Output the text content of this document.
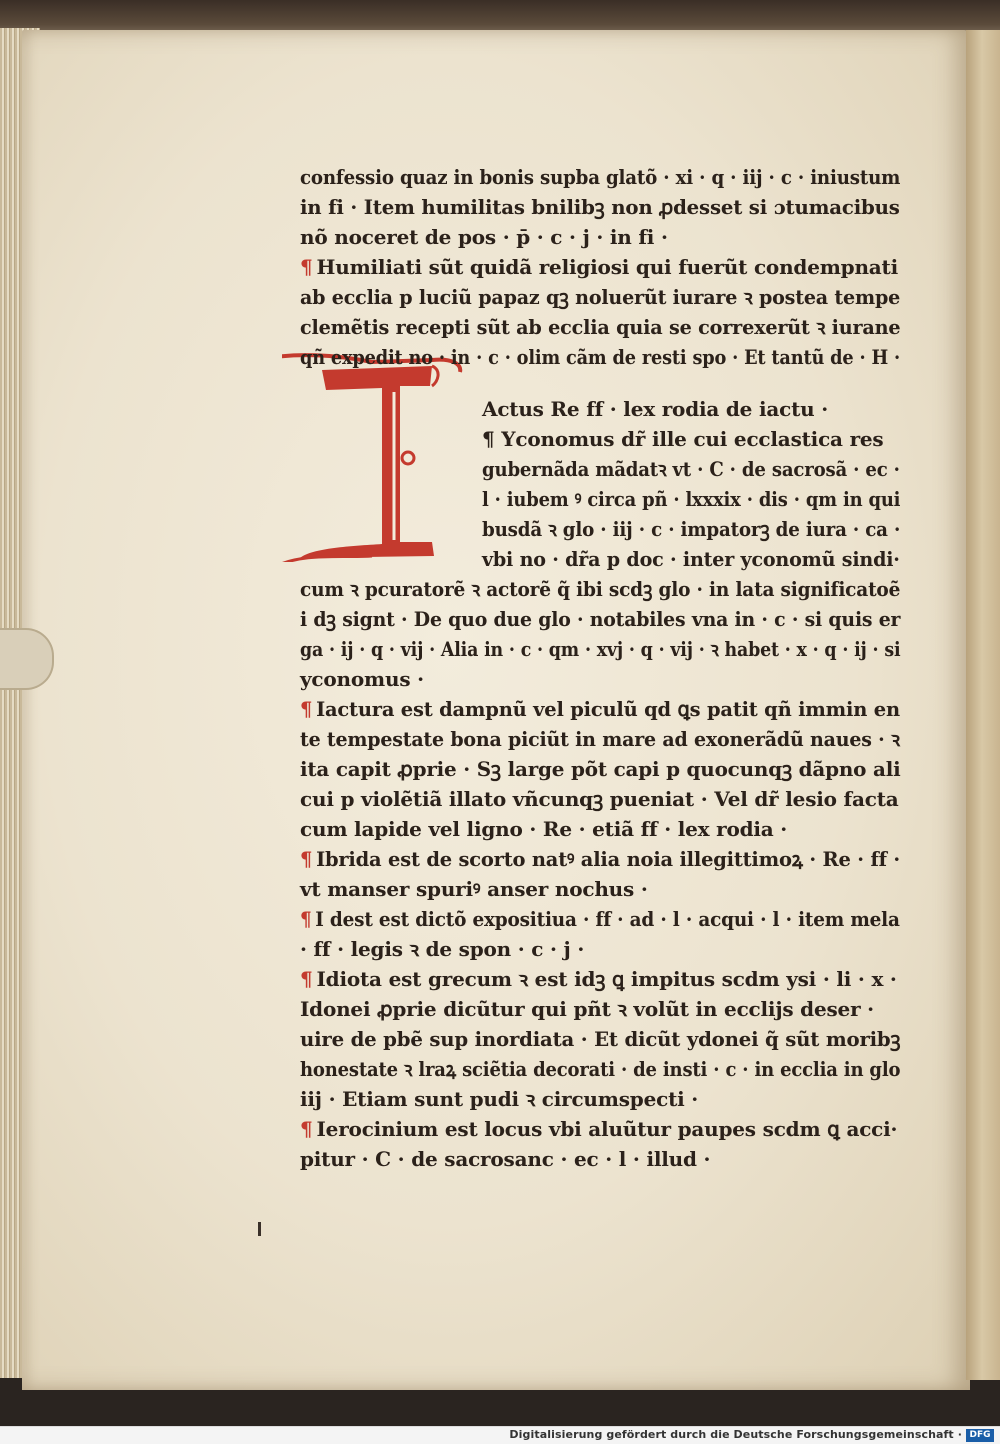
confessio quaz in bonis supba glatõ · xi · q · iij · c · iniustum
in fi · Item humilitas bnilibꝫ non ꝓdesset si ɔtumacibus
nõ noceret de pos · p̄ · c · j · in fi ·
¶ Humiliati sũt quidã religiosi qui fuerũt condempnati
ab ecclia p luciũ papaz qꝫ noluerũt iurare ꝛ postea tempe
clemẽtis recepti sũt ab ecclia quia se correxerũt ꝛ iurane
qñ expedit no · in · c · olim cãm de resti spo · Et tantũ de · H ·
Actus Re ff · lex rodia de iactu ·
¶ Yconomus dr̃ ille cui ecclastica res
gubernãda mãdatꝛ vt · C · de sacrosã · ec ·
l · iubem ꝰ circa pñ · lxxxix · dis · qm in qui
busdã ꝛ glo · iij · c · impatorꝫ de iura · ca ·
vbi no · dr̃a p doc · inter yconomũ sindi·
cum ꝛ pcuratorẽ ꝛ actorẽ q̃ ibi scdꝫ glo · in lata significatoẽ
i dꝫ signt · De quo due glo · notabiles vna in · c · si quis er
ga · ij · q · vij · Alia in · c · qm · xvj · q · vij · ꝛ habet · x · q · ij · si
yconomus ·
¶ Iactura est dampnũ vel piculũ qd ꝗs patit qñ immin en
te tempestate bona piciũt in mare ad exonerãdũ naues · ꝛ
ita capit ꝓprie · Sꝫ large põt capi p quocunqꝫ dãpno ali
cui p violẽtiã illato vñcunqꝫ pueniat · Vel dr̃ lesio facta
cum lapide vel ligno · Re · etiã ff · lex rodia ·
¶ Ibrida est de scorto natꝰ alia noia illegittimoꝝ · Re · ff ·
vt manser spuriꝰ anser nochus ·
¶ I dest est dictõ expositiua · ff · ad · l · acqui · l · item mela
· ff · legis ꝛ de spon · c · j ·
¶ Idiota est grecum ꝛ est idꝫ ꝗ impitus scdm ysi · li · x ·
Idonei ꝓprie dicũtur qui pñt ꝛ volũt in ecclijs deser ·
uire de pbẽ sup inordiata · Et dicũt ydonei q̃ sũt moribꝫ
honestate ꝛ lraꝝ sciẽtia decorati · de insti · c · in ecclia in glo
iij · Etiam sunt pudi ꝛ circumspecti ·
¶ Ierocinium est locus vbi aluũtur paupes scdm ꝗ acci·
pitur · C · de sacrosanc · ec · l · illud ·
Digitalisierung gefördert durch die Deutsche Forschungsgemeinschaft · DFG
